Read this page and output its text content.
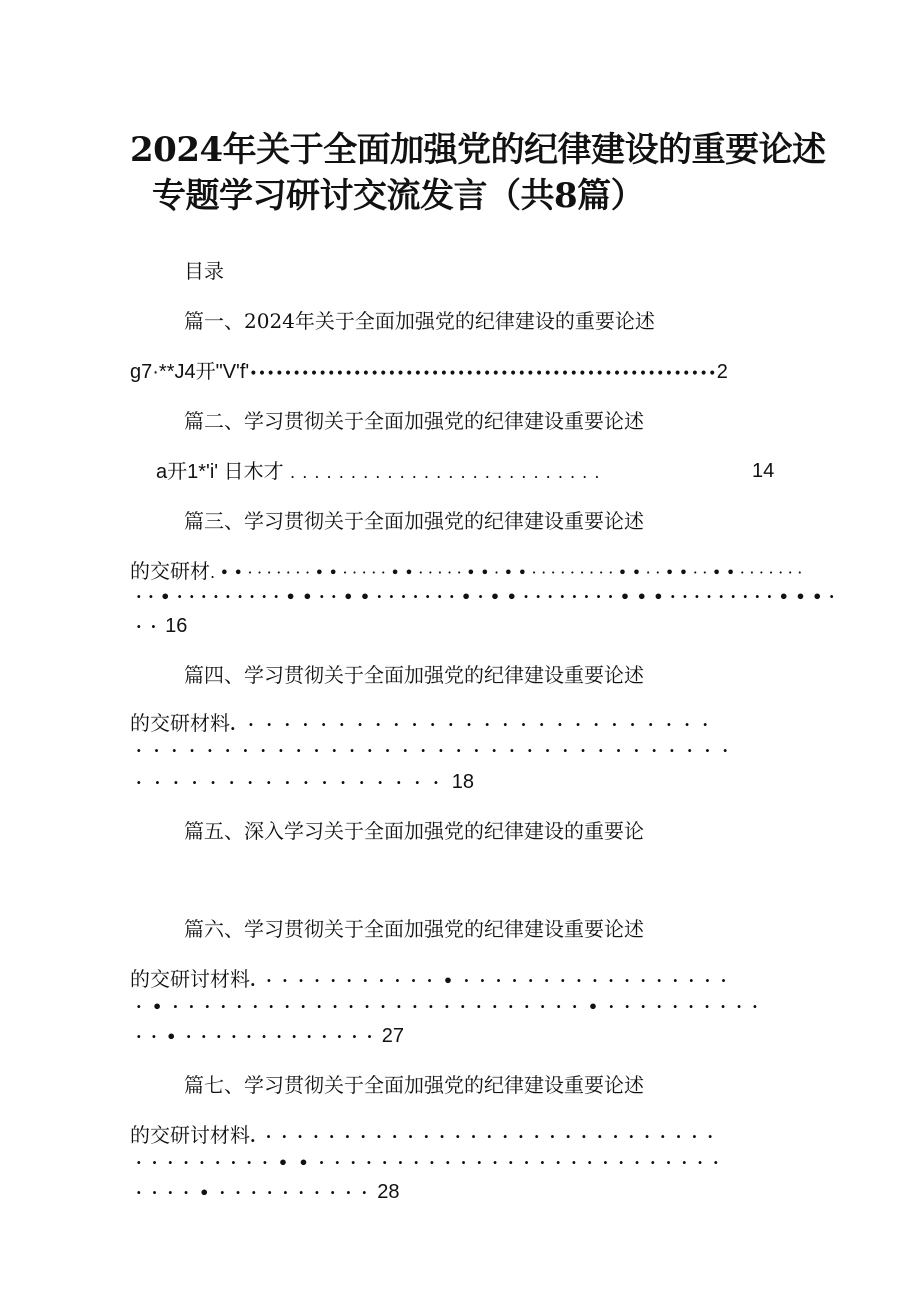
2024年关于全面加强党的纪律建设的重要论述
专题学习研讨交流发言（共8篇）
目录
篇一、2024年关于全面加强党的纪律建设的重要论述
g7·**J4开"V'f'••••••••••••••••••••••••••••••••••••••••••••••••••••••2
篇二、学习贯彻关于全面加强党的纪律建设重要论述
a开1*'i' 日木才 . . . . . . . . . . . . . . . . . . . . . . . . . .	14
篇三、学习贯彻关于全面加强党的纪律建设重要论述
的交研材.••·······••·····••·····••·••·········••··••··••·······
··•·········••··••·······•·••········•••·········•••·
··16
篇四、学习贯彻关于全面加强党的纪律建设重要论述
的交研材料.··························
··································
·················18
篇五、深入学习关于全面加强党的纪律建设的重要论
篇六、学习贯彻关于全面加强党的纪律建设重要论述
的交研讨材料.···········•·················
·•··························•··········
··•·············27
篇七、学习贯彻关于全面加强党的纪律建设重要论述
的交研讨材料.·····························
·········••··························
····•··········28
